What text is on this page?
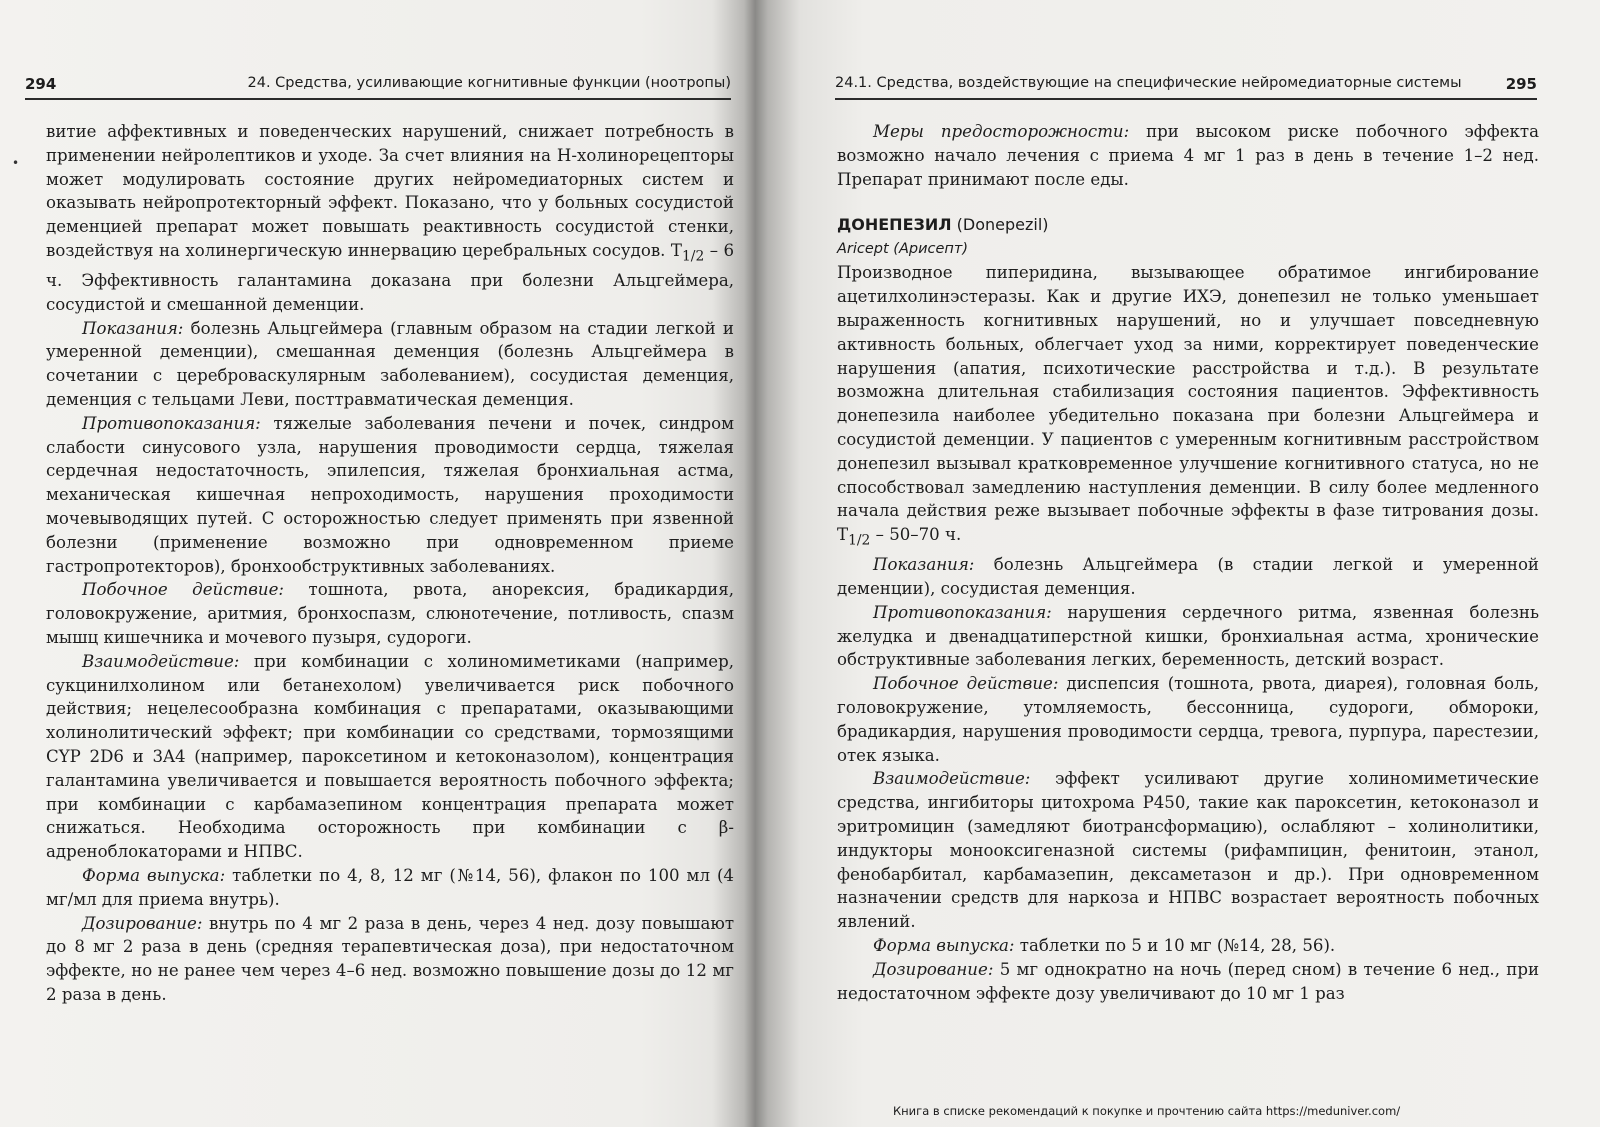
294	24. Средства, усиливающие когнитивные функции (ноотропы)
•

витие аффективных и поведенческих нарушений, снижает потребность в применении нейролептиков и уходе. За счет влияния на Н-холинорецепторы может модулировать состояние других нейромедиаторных систем и оказывать нейропротекторный эффект. Показано, что у больных сосудистой деменцией препарат может повышать реактивность сосудистой стенки, воздействуя на холинергическую иннервацию церебральных сосудов. $T_{1/2} - 6$ ч. Эффективность галантамина доказана при болезни Альцгеймера, сосудистой и смешанной деменции.

Показания: болезнь Альцгеймера (главным образом на стадии легкой и умеренной деменции), смешанная деменция (болезнь Альцгеймера в сочетании с цереброваскулярным заболеванием), сосудистая деменция, деменция с тельцами Леви, посттравматическая деменция.

Противопоказания: тяжелые заболевания печени и почек, синдром слабости синусового узла, нарушения проводимости сердца, тяжелая сердечная недостаточность, эпилепсия, тяжелая бронхиальная астма, механическая кишечная непроходимость, нарушения проходимости мочевыводящих путей. С осторожностью следует применять при язвенной болезни (применение возможно при одновременном приеме гастропротекторов), бронхообструктивных заболеваниях.

Побочное действие: тошнота, рвота, анорексия, брадикардия, головокружение, аритмия, бронхоспазм, слюнотечение, потливость, спазм мышц кишечника и мочевого пузыря, судороги.

Взаимодействие: при комбинации с холиномиметиками (например, сукцинилхолином или бетанехолом) увеличивается риск побочного действия; нецелесообразна комбинация с препаратами, оказывающими холинолитический эффект; при комбинации со средствами, тормозящими CYP 2D6 и 3A4 (например, пароксетином и кетоконазолом), концентрация галантамина увеличивается и повышается вероятность побочного эффекта; при комбинации с карбамазепином концентрация препарата может снижаться. Необходима осторожность при комбинации с β-адреноблокаторами и НПВС.

Форма выпуска: таблетки по 4, 8, 12 мг (№14, 56), флакон по 100 мл (4 мг/мл для приема внутрь).

Дозирование: внутрь по 4 мг 2 раза в день, через 4 нед. дозу повышают до 8 мг 2 раза в день (средняя терапевтическая доза), при недостаточном эффекте, но не ранее чем через 4–6 нед. возможно повышение дозы до 12 мг 2 раза в день.

24.1. Средства, воздействующие на специфические нейромедиаторные системы	295

Меры предосторожности: при высоком риске побочного эффекта возможно начало лечения с приема 4 мг 1 раз в день в течение 1–2 нед. Препарат принимают после еды.

ДОНЕПЕЗИЛ (Donepezil)

Aricept (Арисепт)

Производное пиперидина, вызывающее обратимое ингибирование ацетилхолинэстеразы. Как и другие ИХЭ, донепезил не только уменьшает выраженность когнитивных нарушений, но и улучшает повседневную активность больных, облегчает уход за ними, корректирует поведенческие нарушения (апатия, психотические расстройства и т.д.). В результате возможна длительная стабилизация состояния пациентов. Эффективность донепезила наиболее убедительно показана при болезни Альцгеймера и сосудистой деменции. У пациентов с умеренным когнитивным расстройством донепезил вызывал кратковременное улучшение когнитивного статуса, но не способствовал замедлению наступления деменции. В силу более медленного начала действия реже вызывает побочные эффекты в фазе титрования дозы. $T_{1/2} - 50-70$ ч.

Показания: болезнь Альцгеймера (в стадии легкой и умеренной деменции), сосудистая деменция.

Противопоказания: нарушения сердечного ритма, язвенная болезнь желудка и двенадцатиперстной кишки, бронхиальная астма, хронические обструктивные заболевания легких, беременность, детский возраст.

Побочное действие: диспепсия (тошнота, рвота, диарея), головная боль, головокружение, утомляемость, бессонница, судороги, обмороки, брадикардия, нарушения проводимости сердца, тревога, пурпура, парестезии, отек языка.

Взаимодействие: эффект усиливают другие холиномиметические средства, ингибиторы цитохрома P450, такие как пароксетин, кетоконазол и эритромицин (замедляют биотрансформацию), ослабляют – холинолитики, индукторы монооксигеназной системы (рифампицин, фенитоин, этанол, фенобарбитал, карбамазепин, дексаметазон и др.). При одновременном назначении средств для наркоза и НПВС возрастает вероятность побочных явлений.

Форма выпуска: таблетки по 5 и 10 мг (№14, 28, 56).

Дозирование: 5 мг однократно на ночь (перед сном) в течение 6 нед., при недостаточном эффекте дозу увеличивают до 10 мг 1 раз

Книга в списке рекомендаций к покупке и прочтению сайта https://meduniver.com/
